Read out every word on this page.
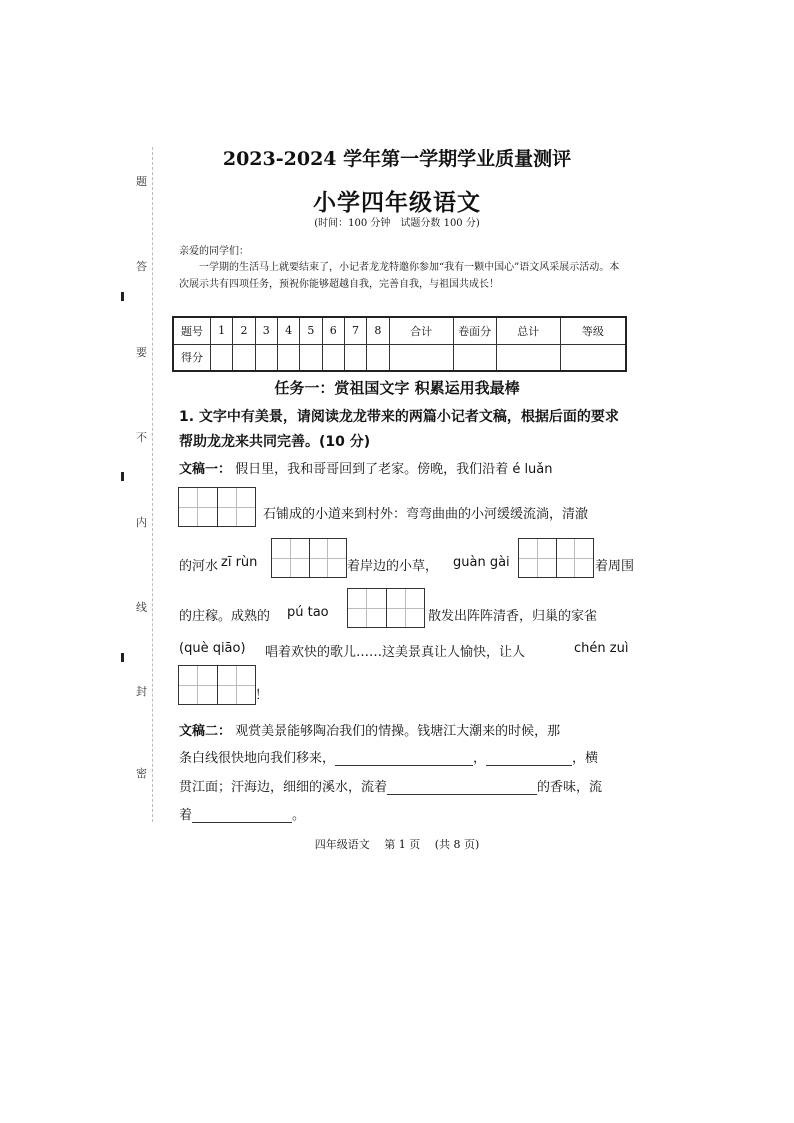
题
答
要
不
内
线
封
密
2023-2024 学年第一学期学业质量测评
小学四年级语文
(时间：100 分钟　试题分数 100 分)
亲爱的同学们：
一学期的生活马上就要结束了，小记者龙龙特邀你参加“我有一颗中国心”语文风采展示活动。本次展示共有四项任务，预祝你能够超越自我，完善自我，与祖国共成长！
题号	1	2	3	4	5	6	7	8	合计	卷面分	总计	等级
得分												
任务一：赏祖国文字 积累运用我最棒
1. 文字中有美景，请阅读龙龙带来的两篇小记者文稿，根据后面的要求帮助龙龙来共同完善。(10 分)
文稿一： 假日里，我和哥哥回到了老家。傍晚，我们沿着 é luǎn
石铺成的小道来到村外：弯弯曲曲的小河缓缓流淌，清澈
的河水 zī rùn	着岸边的小草， guàn gài	着周围
的庄稼。成熟的 pú tao	散发出阵阵清香，归巢的家雀
(què qiāo) 唱着欢快的歌儿……这美景真让人愉快，让人	chén zuì
！
文稿二： 观赏美景能够陶冶我们的情操。钱塘江大潮来的时候，那
条白线很快地向我们移来，	，	，横
贯江面；汗海边，细细的溪水，流着	的香味，流
着	。
四年级语文　 第 1 页　 (共 8 页)
